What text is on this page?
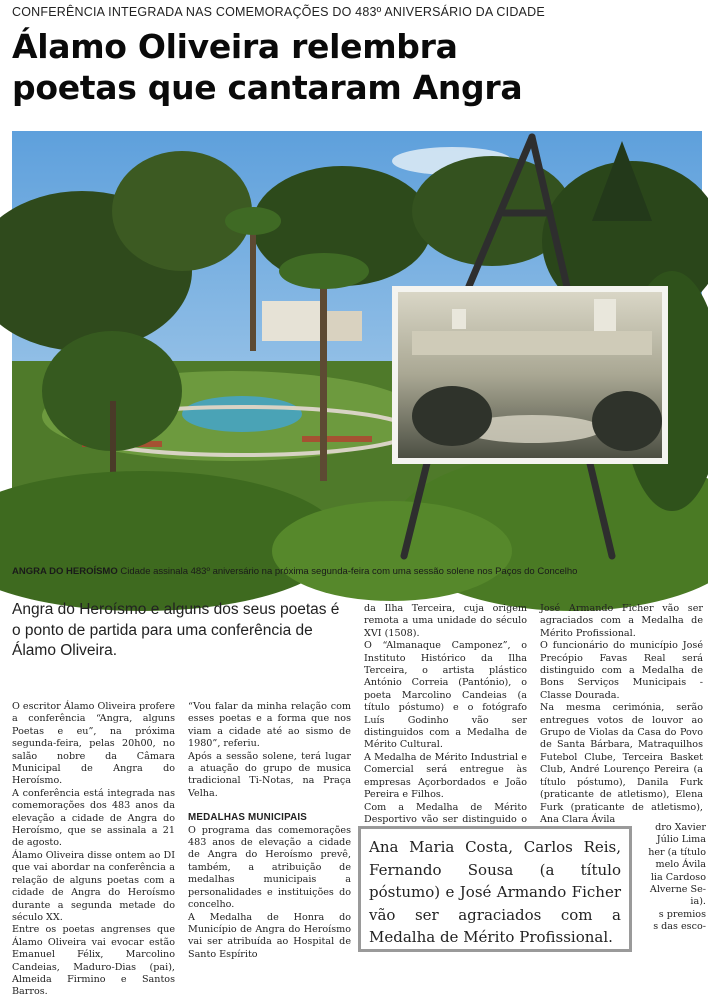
CONFERÊNCIA INTEGRADA NAS COMEMORAÇÕES DO 483º ANIVERSÁRIO DA CIDADE
Álamo Oliveira relembra
poetas que cantaram Angra
ANGRA DO HEROÍSMO Cidade assinala 483º aniversário na próxima segunda-feira com uma sessão solene nos Paços do Concelho

Angra do Heroísmo e alguns dos seus poetas é o ponto de partida para uma conferência de Álamo Oliveira.

O escritor Álamo Oliveira profere a conferência “Angra, alguns Poetas e eu”, na próxima segunda-feira, pelas 20h00, no salão nobre da Câmara Municipal de Angra do Heroísmo.

A conferência está integrada nas comemorações dos 483 anos da elevação a cidade de Angra do Heroísmo, que se assinala a 21 de agosto.

Álamo Oliveira disse ontem ao DI que vai abordar na conferência a relação de alguns poetas com a cidade de Angra do Heroísmo durante a segunda metade do século XX.

Entre os poetas angrenses que Álamo Oliveira vai evocar estão Emanuel Félix, Marcolino Candeias, Maduro-Dias (pai), Almeida Firmino e Santos Barros.

“Vou falar da minha relação com esses poetas e a forma que nos viam a cidade até ao sismo de 1980”, referiu.

Após a sessão solene, terá lugar a atuação do grupo de musica tradicional Ti-Notas, na Praça Velha.

MEDALHAS MUNICIPAIS

O programa das comemorações 483 anos de elevação a cidade de Angra do Heroísmo prevê, também, a atribuição de medalhas municipais a personalidades e instituições do concelho.

A Medalha de Honra do Município de Angra do Heroísmo vai ser atribuída ao Hospital de Santo Espírito

da Ilha Terceira, cuja origem remota a uma unidade do século XVI (1508).

O “Almanaque Camponez”, o Instituto Histórico da Ilha Terceira, o artista plástico António Correia (Pantónio), o poeta Marcolino Candeias (a título póstumo) e o fotógrafo Luís Godinho vão ser distinguidos com a Medalha de Mérito Cultural.

A Medalha de Mérito Industrial e Comercial será entregue às empresas Açorbordados e João Pereira e Filhos.

Com a Medalha de Mérito Desportivo vão ser distinguido o

José Armando Ficher vão ser agraciados com a Medalha de Mérito Profissional.

O funcionário do município José Precópio Favas Real será distinguido com a Medalha de Bons Serviços Municipais - Classe Dourada.

Na mesma cerimónia, serão entregues votos de louvor ao Grupo de Violas da Casa do Povo de Santa Bárbara, Matraquilhos Futebol Clube, Terceira Basket Club, André Lourenço Pereira (a título póstumo), Danila Furk (praticante de atletismo), Elena Furk (praticante de atletismo), Ana Clara Ávila

dro Xavier
Júlio Lima
her (a título
melo Ávila
lia Cardoso
Alverne Se-
ia).
s premios
s das esco-
Ana Maria Costa, Carlos Reis, Fernando Sousa (a título póstumo) e José Armando Ficher vão ser agraciados com a Medalha de Mérito Profissional.
